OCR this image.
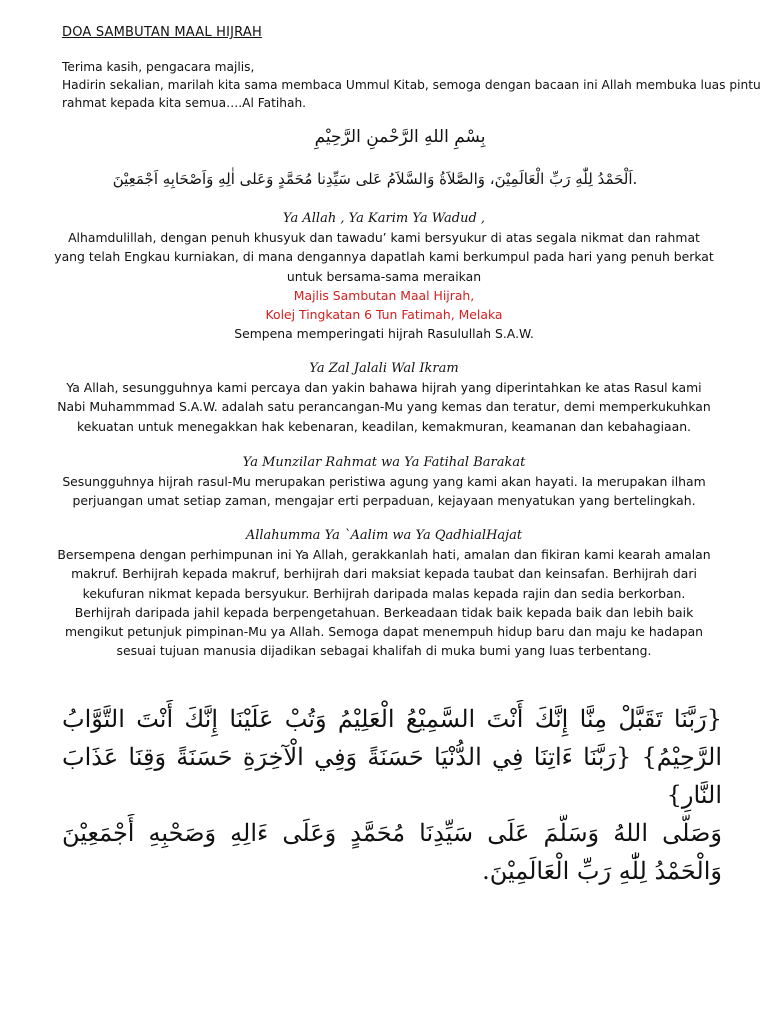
DOA SAMBUTAN MAAL HIJRAH
Terima kasih, pengacara majlis,
Hadirin sekalian, marilah kita sama membaca Ummul Kitab, semoga dengan bacaan ini Allah membuka luas pintu
rahmat kepada kita semua….Al Fatihah.
بِسْمِ اللهِ الرَّحْمنِ الرَّحِيْمِ
.اَلْحَمْدُ لِلّٰهِ رَبِّ الْعَالَمِيْنَ، وَالصَّلاَةُ وَالسَّلاَمُ عَلى سَيِّدِنا مُحَمَّدٍ وَعَلى اٰلِهِ وَاَصْحَابِهِ اَجْمَعِيْنَ
Ya Allah , Ya Karim Ya Wadud ,
Alhamdulillah, dengan penuh khusyuk dan tawadu’ kami bersyukur di atas segala nikmat dan rahmat
yang telah Engkau kurniakan, di mana dengannya dapatlah kami berkumpul pada hari yang penuh berkat
untuk bersama-sama meraikan
Majlis Sambutan Maal Hijrah,
Kolej Tingkatan 6 Tun Fatimah, Melaka
Sempena memperingati hijrah Rasulullah S.A.W.
Ya Zal Jalali Wal Ikram
Ya Allah, sesungguhnya kami percaya dan yakin bahawa hijrah yang diperintahkan ke atas Rasul kami
Nabi Muhammmad S.A.W. adalah satu perancangan-Mu yang kemas dan teratur, demi memperkukuhkan
kekuatan untuk menegakkan hak kebenaran, keadilan, kemakmuran, keamanan dan kebahagiaan.
Ya Munzilar Rahmat wa Ya Fatihal Barakat
Sesungguhnya hijrah rasul-Mu merupakan peristiwa agung yang kami akan hayati. Ia merupakan ilham
perjuangan umat setiap zaman, mengajar erti perpaduan, kejayaan menyatukan yang bertelingkah.
Allahumma Ya `Aalim wa Ya QadhialHajat
Bersempena dengan perhimpunan ini Ya Allah, gerakkanlah hati, amalan dan fikiran kami kearah amalan
makruf. Berhijrah kepada makruf, berhijrah dari maksiat kepada taubat dan keinsafan. Berhijrah dari
kekufuran nikmat kepada bersyukur. Berhijrah daripada malas kepada rajin dan sedia berkorban.
Berhijrah daripada jahil kepada berpengetahuan. Berkeadaan tidak baik kepada baik dan lebih baik
mengikut petunjuk pimpinan-Mu ya Allah. Semoga dapat menempuh hidup baru dan maju ke hadapan
sesuai tujuan manusia dijadikan sebagai khalifah di muka bumi yang luas terbentang.
{رَبَّنَا تَقَبَّلْ مِنَّا إِنَّكَ أَنْتَ السَّمِيْعُ الْعَلِيْمُ وَتُبْ عَلَيْنَا إِنَّكَ أَنْتَ التَّوَّابُ
الرَّحِيْمُ} {رَبَّنَا ءَاتِنَا فِي الدُّنْيَا حَسَنَةً وَفِي الْآخِرَةِ حَسَنَةً وَقِنَا عَذَابَ
النَّارِ}
وَصَلَّى اللهُ وَسَلَّمَ عَلَى سَيِّدِنَا مُحَمَّدٍ وَعَلَى ءَالِهِ وَصَحْبِهِ أَجْمَعِيْنَ
وَالْحَمْدُ لِلّٰهِ رَبِّ الْعَالَمِيْنَ.
